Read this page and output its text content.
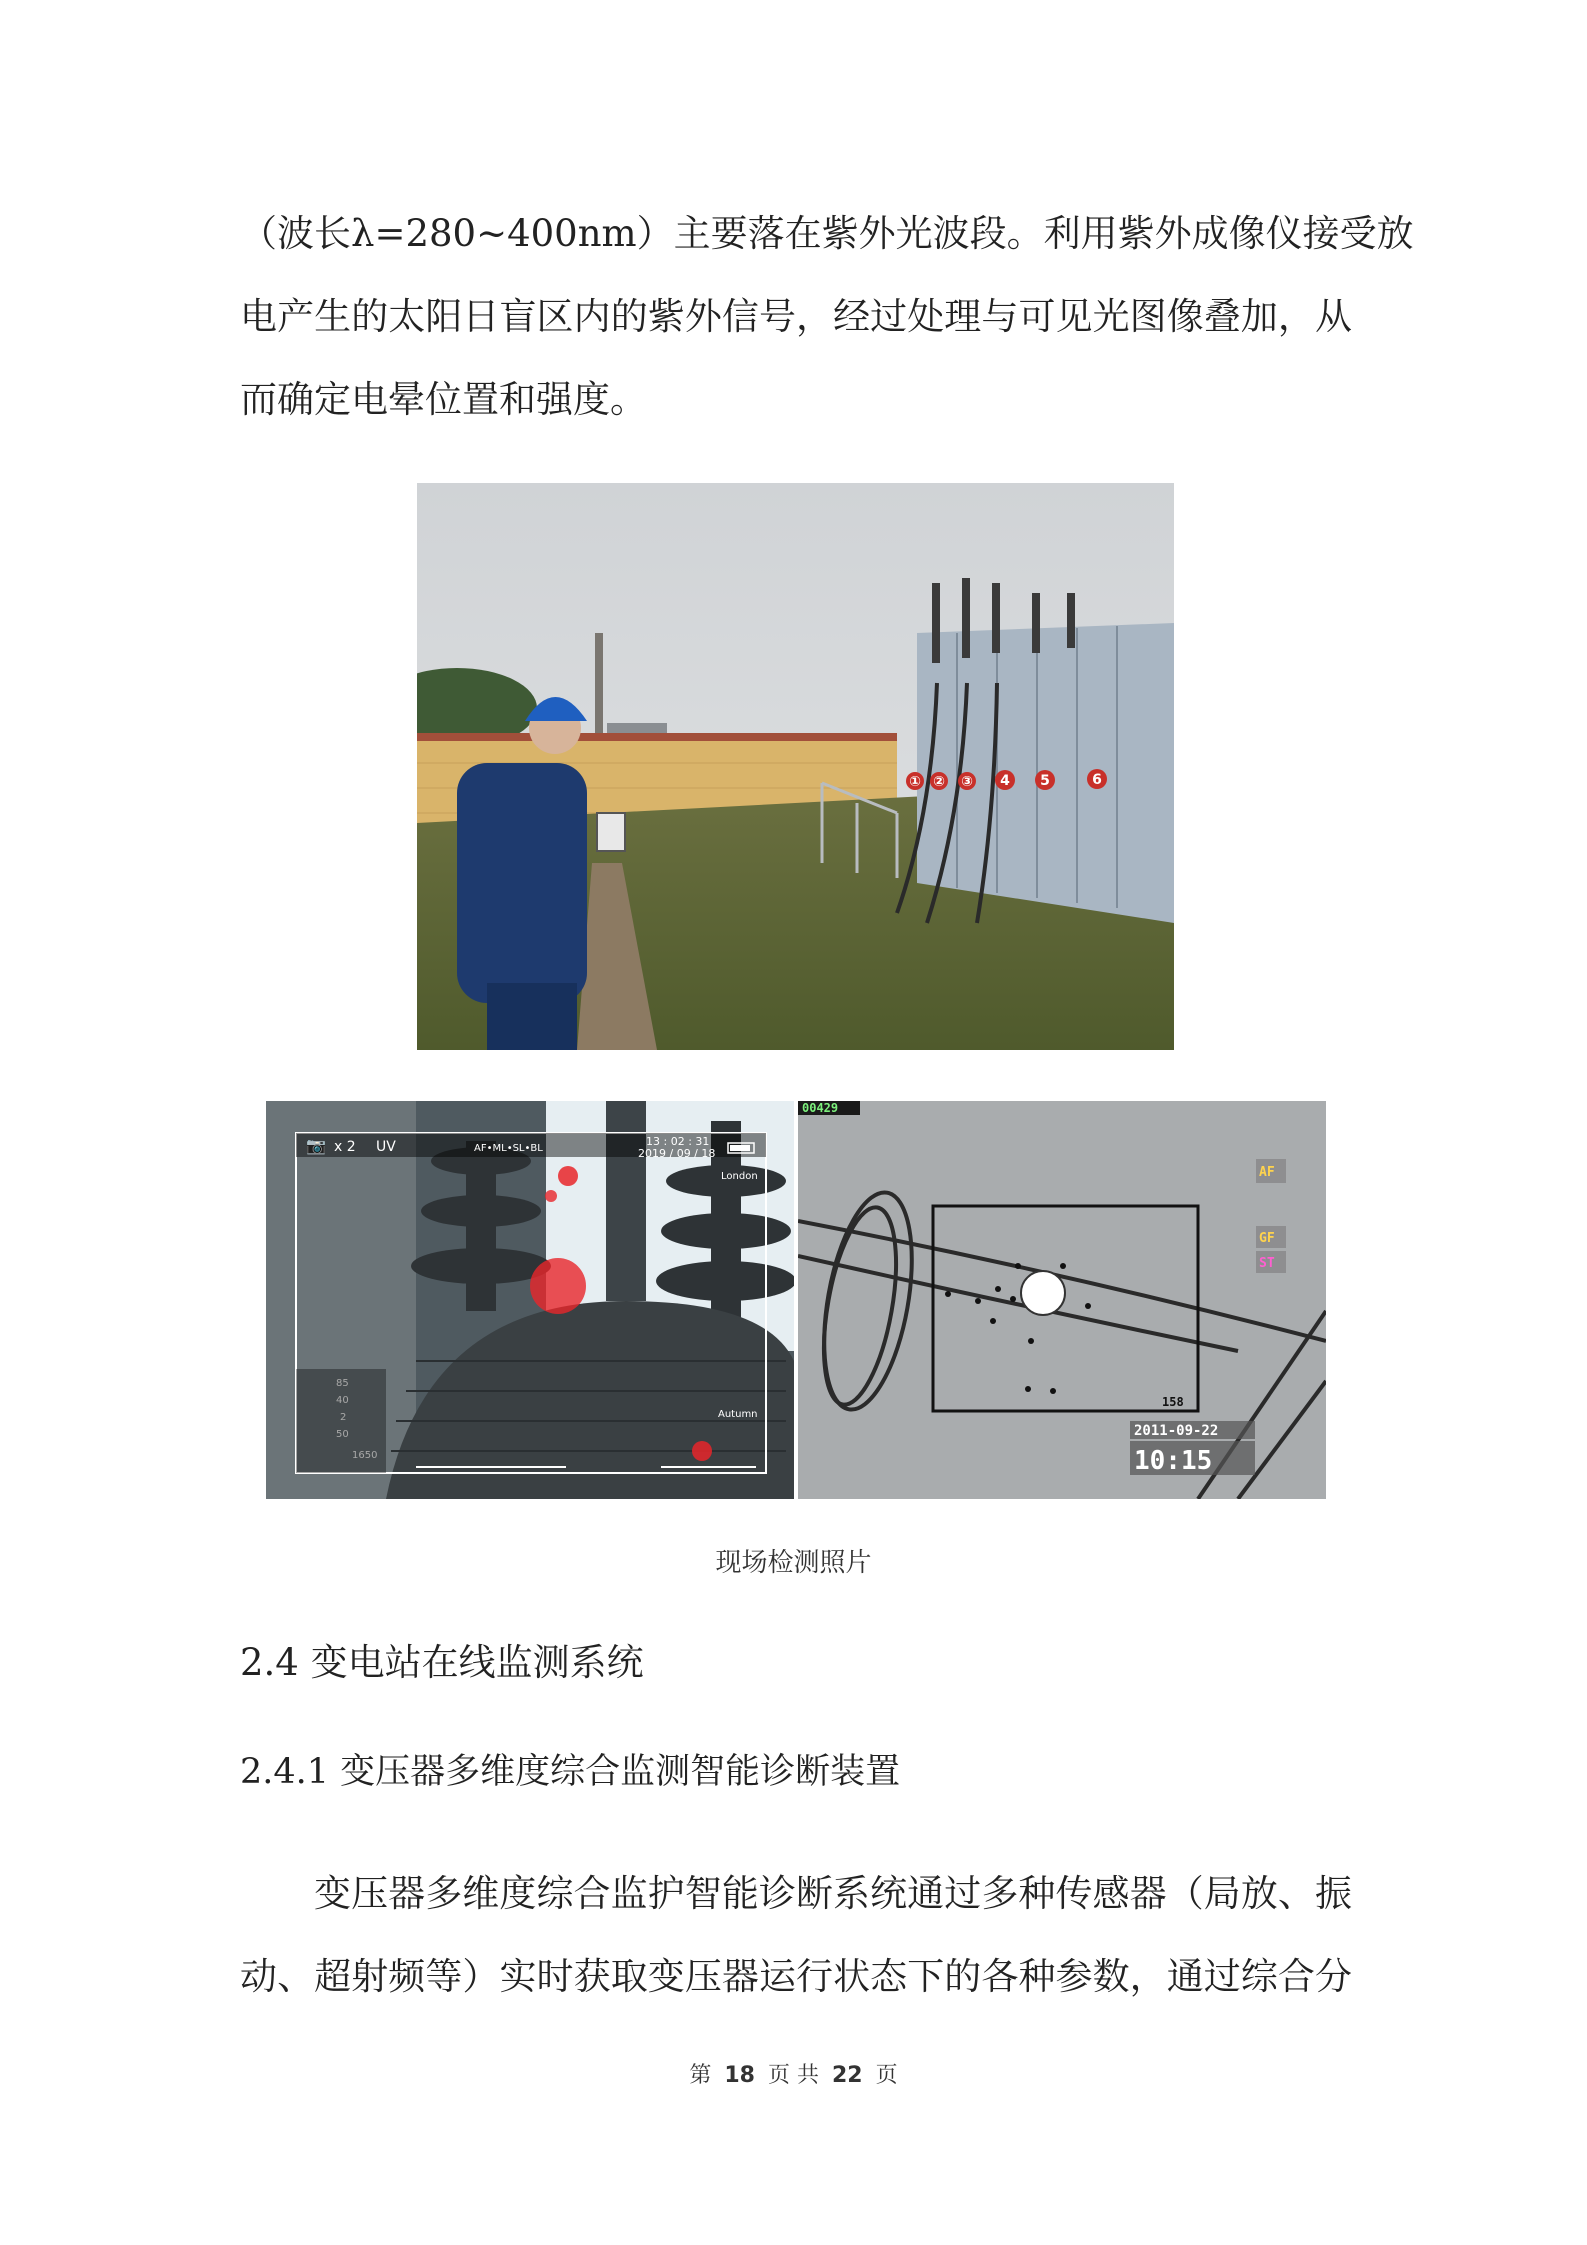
（波长λ=280~400nm）主要落在紫外光波段。利用紫外成像仪接受放
电产生的太阳日盲区内的紫外信号，经过处理与可见光图像叠加，从
而确定电晕位置和强度。
① ② ③ 4 5	6
📷 x 2 UV	AF•ML•SL•BL
13 : 02 : 31
2019 / 09 / 18
London
Autumn
85
40
2
50
1650
00429
AF
GF
ST
158
2011-09-22
10:15
现场检测照片
2.4 变电站在线监测系统
2.4.1 变压器多维度综合监测智能诊断装置
变压器多维度综合监护智能诊断系统通过多种传感器（局放、振
动、超射频等）实时获取变压器运行状态下的各种参数，通过综合分
第 18 页 共 22 页
